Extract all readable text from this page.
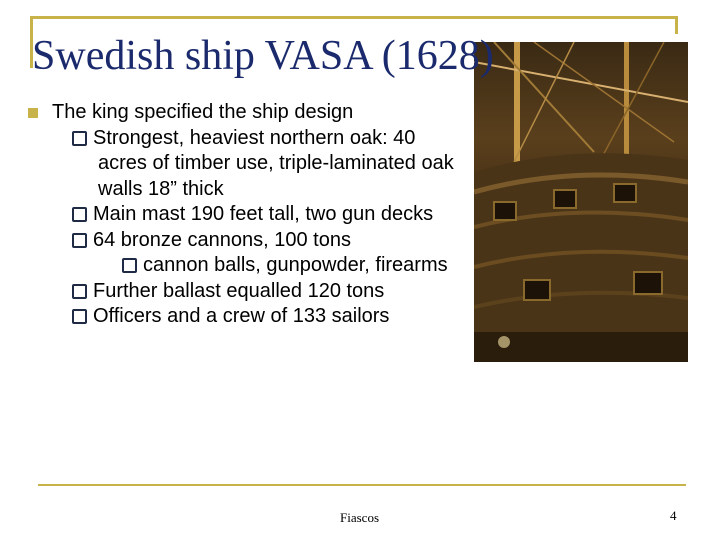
Swedish ship VASA (1628)
The king specified the ship design
Strongest, heaviest northern oak: 40 acres of timber use, triple-laminated oak walls 18” thick
Main mast 190 feet tall, two gun decks
64 bronze cannons, 100 tons
cannon balls, gunpowder, firearms
Further ballast equalled 120 tons
Officers and a crew of 133 sailors
Fiascos	4
